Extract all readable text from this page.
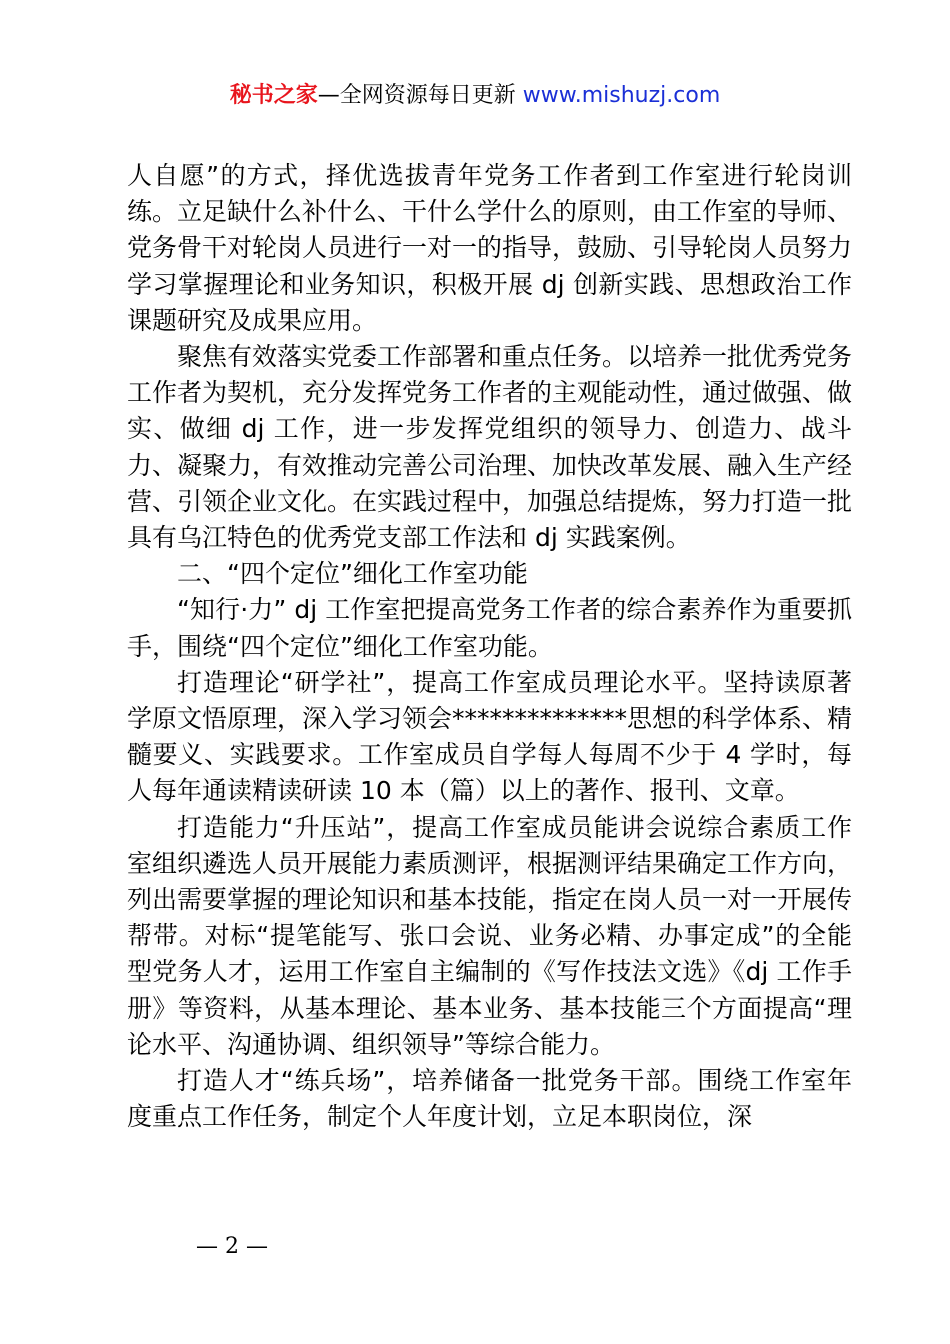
秘书之家—全网资源每日更新 www.mishuzj.com

人自愿”的方式，择优选拔青年党务工作者到工作室进行轮岗训练。立足缺什么补什么、干什么学什么的原则，由工作室的导师、党务骨干对轮岗人员进行一对一的指导，鼓励、引导轮岗人员努力学习掌握理论和业务知识，积极开展 dj 创新实践、思想政治工作课题研究及成果应用。

聚焦有效落实党委工作部署和重点任务。以培养一批优秀党务工作者为契机，充分发挥党务工作者的主观能动性，通过做强、做实、做细 dj 工作，进一步发挥党组织的领导力、创造力、战斗力、凝聚力，有效推动完善公司治理、加快改革发展、融入生产经营、引领企业文化。在实践过程中，加强总结提炼，努力打造一批具有乌江特色的优秀党支部工作法和 dj 实践案例。

二、“四个定位”细化工作室功能

“知行·力” dj 工作室把提高党务工作者的综合素养作为重要抓手，围绕“四个定位”细化工作室功能。

打造理论“研学社”，提高工作室成员理论水平。坚持读原著学原文悟原理，深入学习领会**************思想的科学体系、精髓要义、实践要求。工作室成员自学每人每周不少于 4 学时，每人每年通读精读研读 10 本（篇）以上的著作、报刊、文章。

打造能力“升压站”，提高工作室成员能讲会说综合素质工作室组织遴选人员开展能力素质测评，根据测评结果确定工作方向，列出需要掌握的理论知识和基本技能，指定在岗人员一对一开展传帮带。对标“提笔能写、张口会说、业务必精、办事定成”的全能型党务人才，运用工作室自主编制的《写作技法文选》《dj 工作手册》等资料，从基本理论、基本业务、基本技能三个方面提高“理论水平、沟通协调、组织领导”等综合能力。

打造人才“练兵场”，培养储备一批党务干部。围绕工作室年度重点工作任务，制定个人年度计划，立足本职岗位，深

— 2 —
